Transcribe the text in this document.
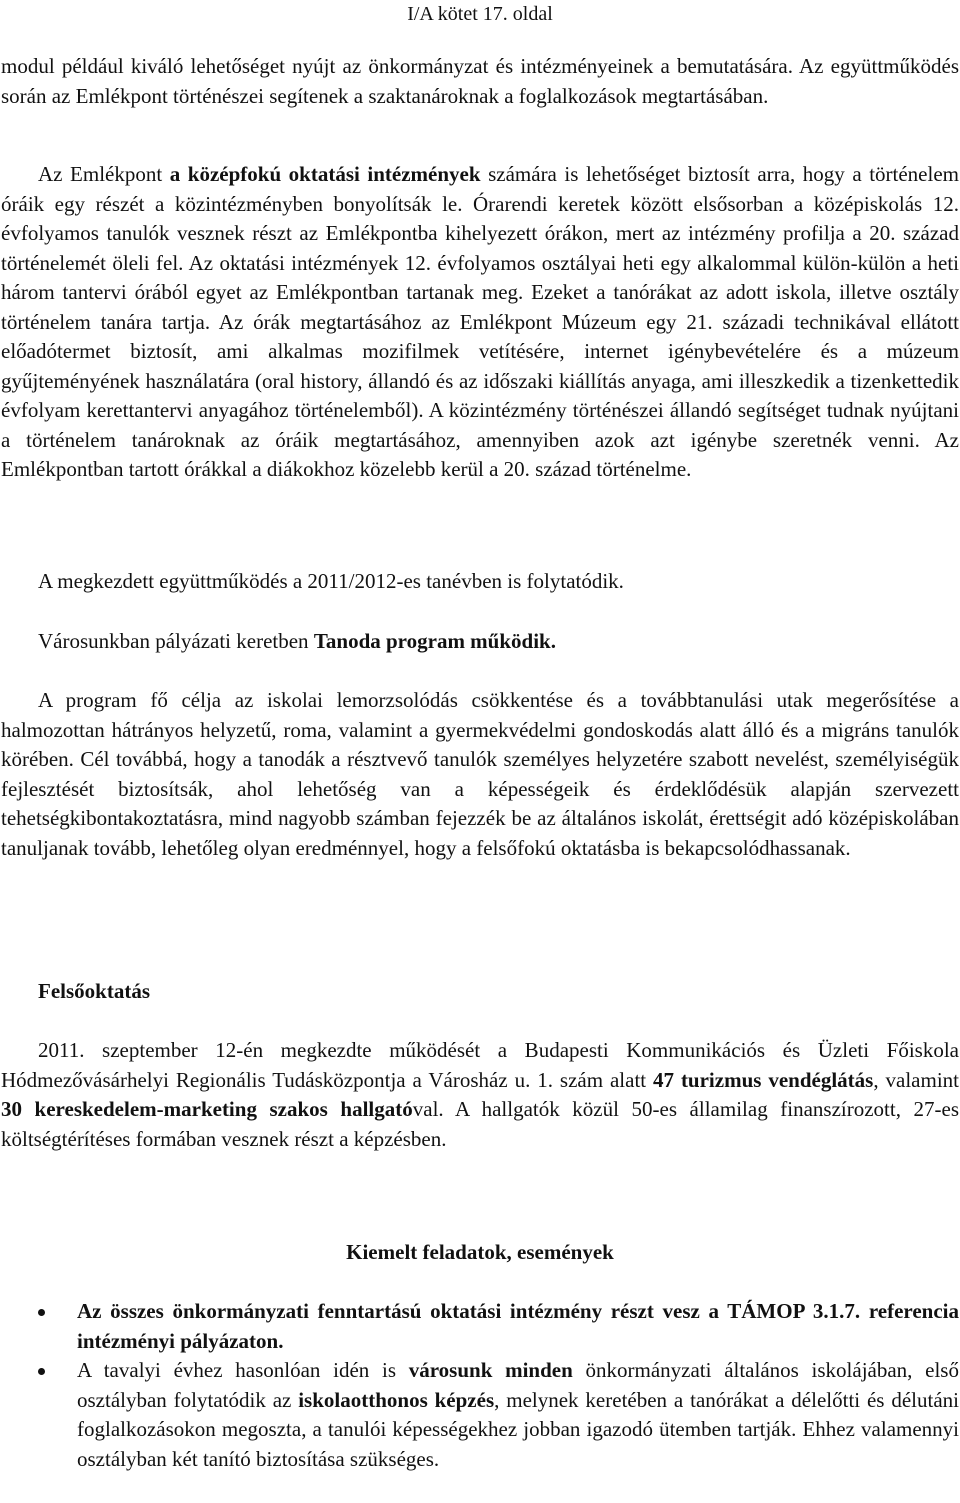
I/A kötet 17. oldal

modul például kiváló lehetőséget nyújt az önkormányzat és intézményeinek a bemutatására. Az együttműködés során az Emlékpont történészei segítenek a szaktanároknak a foglalkozások megtartásában.

Az Emlékpont a középfokú oktatási intézmények számára is lehetőséget biztosít arra, hogy a történelem óráik egy részét a közintézményben bonyolítsák le. Órarendi keretek között elsősorban a középiskolás 12. évfolyamos tanulók vesznek részt az Emlékpontba kihelyezett órákon, mert az intézmény profilja a 20. század történelemét öleli fel. Az oktatási intézmények 12. évfolyamos osztályai heti egy alkalommal külön-külön a heti három tantervi órából egyet az Emlékpontban tartanak meg. Ezeket a tanórákat az adott iskola, illetve osztály történelem tanára tartja. Az órák megtartásához az Emlékpont Múzeum egy 21. századi technikával ellátott előadótermet biztosít, ami alkalmas mozifilmek vetítésére, internet igénybevételére és a múzeum gyűjteményének használatára (oral history, állandó és az időszaki kiállítás anyaga, ami illeszkedik a tizenkettedik évfolyam kerettantervi anyagához történelemből). A közintézmény történészei állandó segítséget tudnak nyújtani a történelem tanároknak az óráik megtartásához, amennyiben azok azt igénybe szeretnék venni. Az Emlékpontban tartott órákkal a diákokhoz közelebb kerül a 20. század történelme.

A megkezdett együttműködés a 2011/2012-es tanévben is folytatódik.

Városunkban pályázati keretben Tanoda program működik.

A program fő célja az iskolai lemorzsolódás csökkentése és a továbbtanulási utak megerősítése a halmozottan hátrányos helyzetű, roma, valamint a gyermekvédelmi gondoskodás alatt álló és a migráns tanulók körében. Cél továbbá, hogy a tanodák a résztvevő tanulók személyes helyzetére szabott nevelést, személyiségük fejlesztését biztosítsák, ahol lehetőség van a képességeik és érdeklődésük alapján szervezett tehetségkibontakoztatásra, mind nagyobb számban fejezzék be az általános iskolát, érettségit adó középiskolában tanuljanak tovább, lehetőleg olyan eredménnyel, hogy a felsőfokú oktatásba is bekapcsolódhassanak.

Felsőoktatás

2011. szeptember 12-én megkezdte működését a Budapesti Kommunikációs és Üzleti Főiskola Hódmezővásárhelyi Regionális Tudásközpontja a Városház u. 1. szám alatt 47 turizmus vendéglátás, valamint 30 kereskedelem-marketing szakos hallgatóval. A hallgatók közül 50-es államilag finanszírozott, 27-es költségtérítéses formában vesznek részt a képzésben.

Kiemelt feladatok, események

Az összes önkormányzati fenntartású oktatási intézmény részt vesz a TÁMOP 3.1.7. referencia intézményi pályázaton.
A tavalyi évhez hasonlóan idén is városunk minden önkormányzati általános iskolájában, első osztályban folytatódik az iskolaotthonos képzés, melynek keretében a tanórákat a délelőtti és délutáni foglalkozásokon megoszta, a tanulói képességekhez jobban igazodó ütemben tartják. Ehhez valamennyi osztályban két tanító biztosítása szükséges.
